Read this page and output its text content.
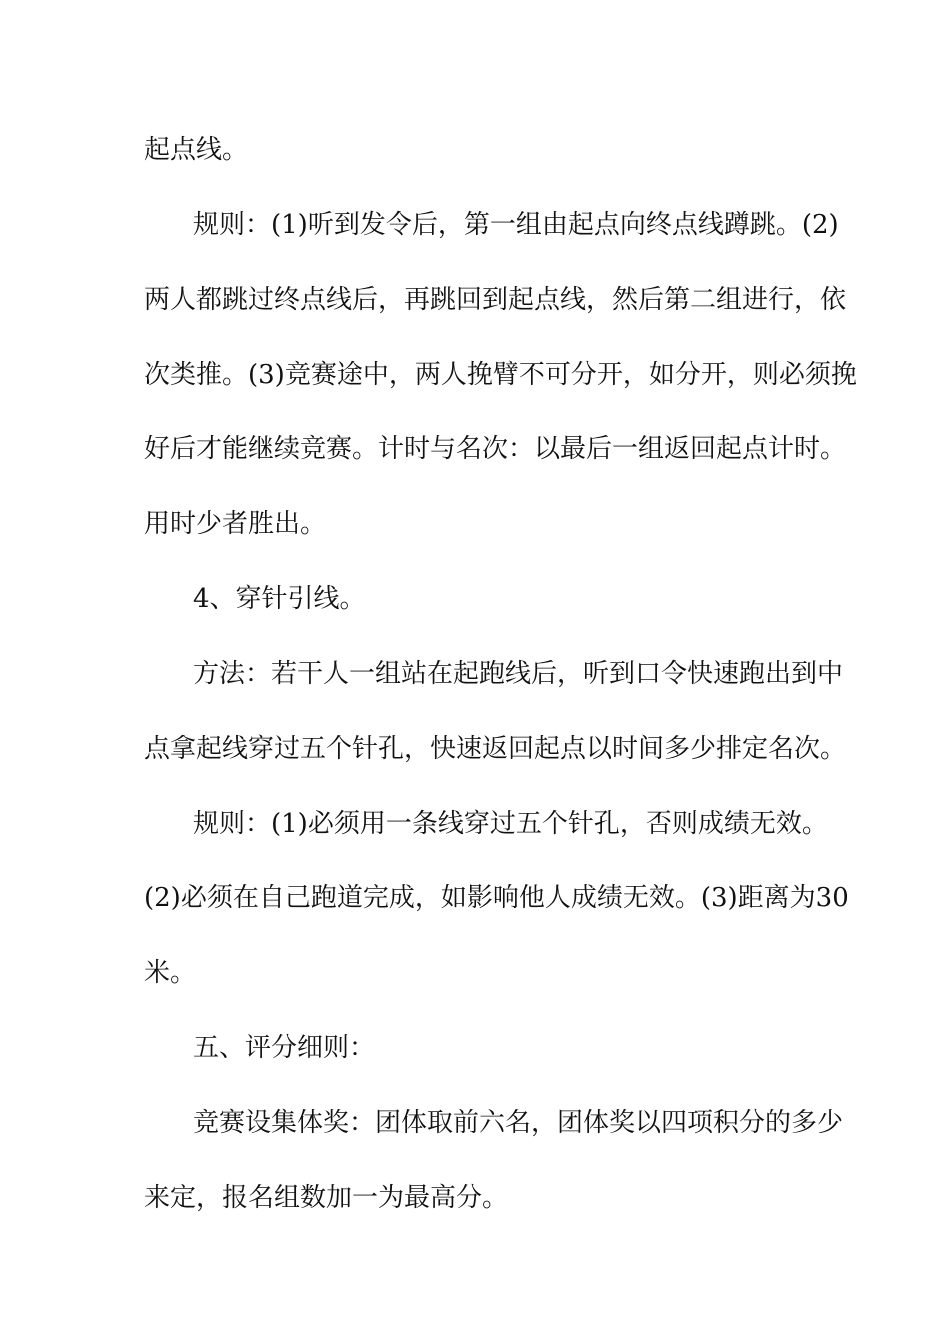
起点线。
规则：(1)听到发令后，第一组由起点向终点线蹲跳。(2)
两人都跳过终点线后，再跳回到起点线，然后第二组进行，依
次类推。(3)竞赛途中，两人挽臂不可分开，如分开，则必须挽
好后才能继续竞赛。计时与名次：以最后一组返回起点计时。
用时少者胜出。
4、穿针引线。
方法：若干人一组站在起跑线后，听到口令快速跑出到中
点拿起线穿过五个针孔，快速返回起点以时间多少排定名次。
规则：(1)必须用一条线穿过五个针孔，否则成绩无效。
(2)必须在自己跑道完成，如影响他人成绩无效。(3)距离为30
米。
五、评分细则：
竞赛设集体奖：团体取前六名，团体奖以四项积分的多少
来定，报名组数加一为最高分。
